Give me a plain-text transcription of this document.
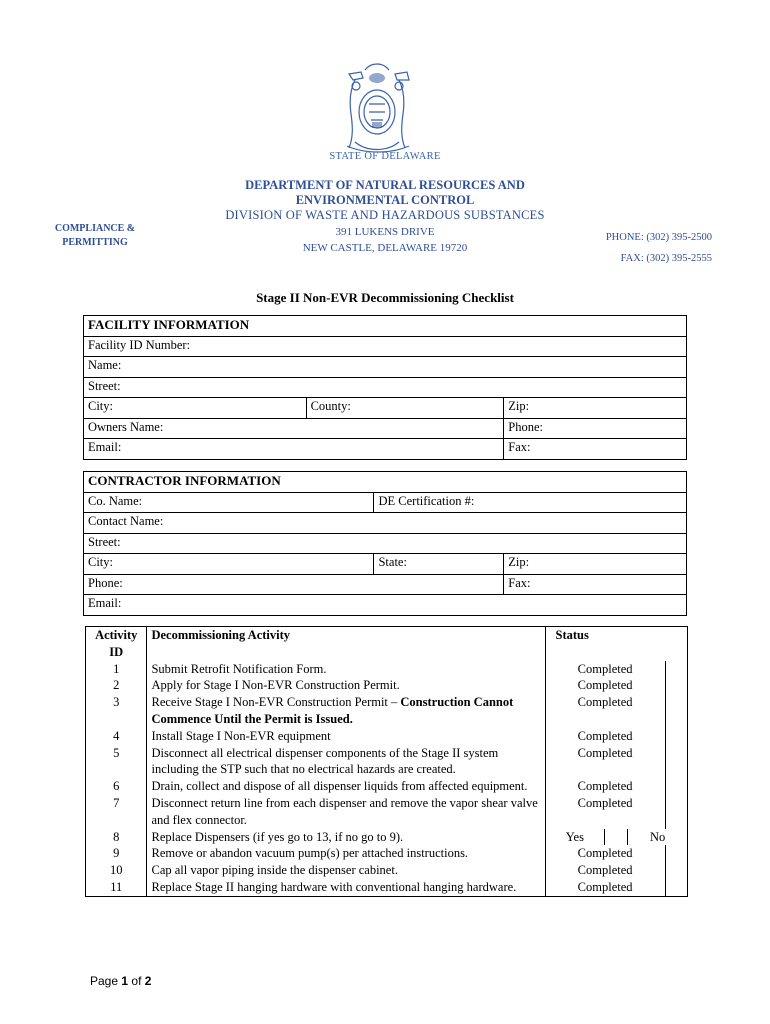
STATE OF DELAWARE
DEPARTMENT OF NATURAL RESOURCES AND
ENVIRONMENTAL CONTROL
DIVISION OF WASTE AND HAZARDOUS SUBSTANCES
391 LUKENS DRIVE
NEW CASTLE, DELAWARE 19720
COMPLIANCE &
PERMITTING	PHONE: (302) 395-2500
FAX: (302) 395-2555
Stage II Non-EVR Decommissioning Checklist
FACILITY INFORMATION		
Facility ID Number:		
Name:		
Street:		
City:	County:	Zip:
Owners Name:		Phone:
Email:		Fax:
CONTRACTOR INFORMATION		
Co. Name:	DE Certification #:	
Contact Name:		
Street:		
City:	State:	Zip:
Phone:		Fax:
Email:		
Activity
ID	Decommissioning Activity	Status	
1	Submit Retrofit Notification Form.	Completed	
2	Apply for Stage I Non-EVR Construction Permit.	Completed	
3	Receive Stage I Non-EVR Construction Permit – Construction Cannot Commence Until the Permit is Issued.	Completed	
4	Install Stage I Non-EVR equipment	Completed	
5	Disconnect all electrical dispenser components of the Stage II system including the STP such that no electrical hazards are created.	Completed	
6	Drain, collect and dispose of all dispenser liquids from affected equipment.	Completed	
7	Disconnect return line from each dispenser and remove the vapor shear valve and flex connector.	Completed	
8	Replace Dispensers (if yes go to 13, if no go to 9).	Yes No	

9	Remove or abandon vacuum pump(s) per attached instructions.	Completed	
10	Cap all vapor piping inside the dispenser cabinet.	Completed	
11	Replace Stage II hanging hardware with conventional hanging hardware.	Completed	
Page 1 of 2
